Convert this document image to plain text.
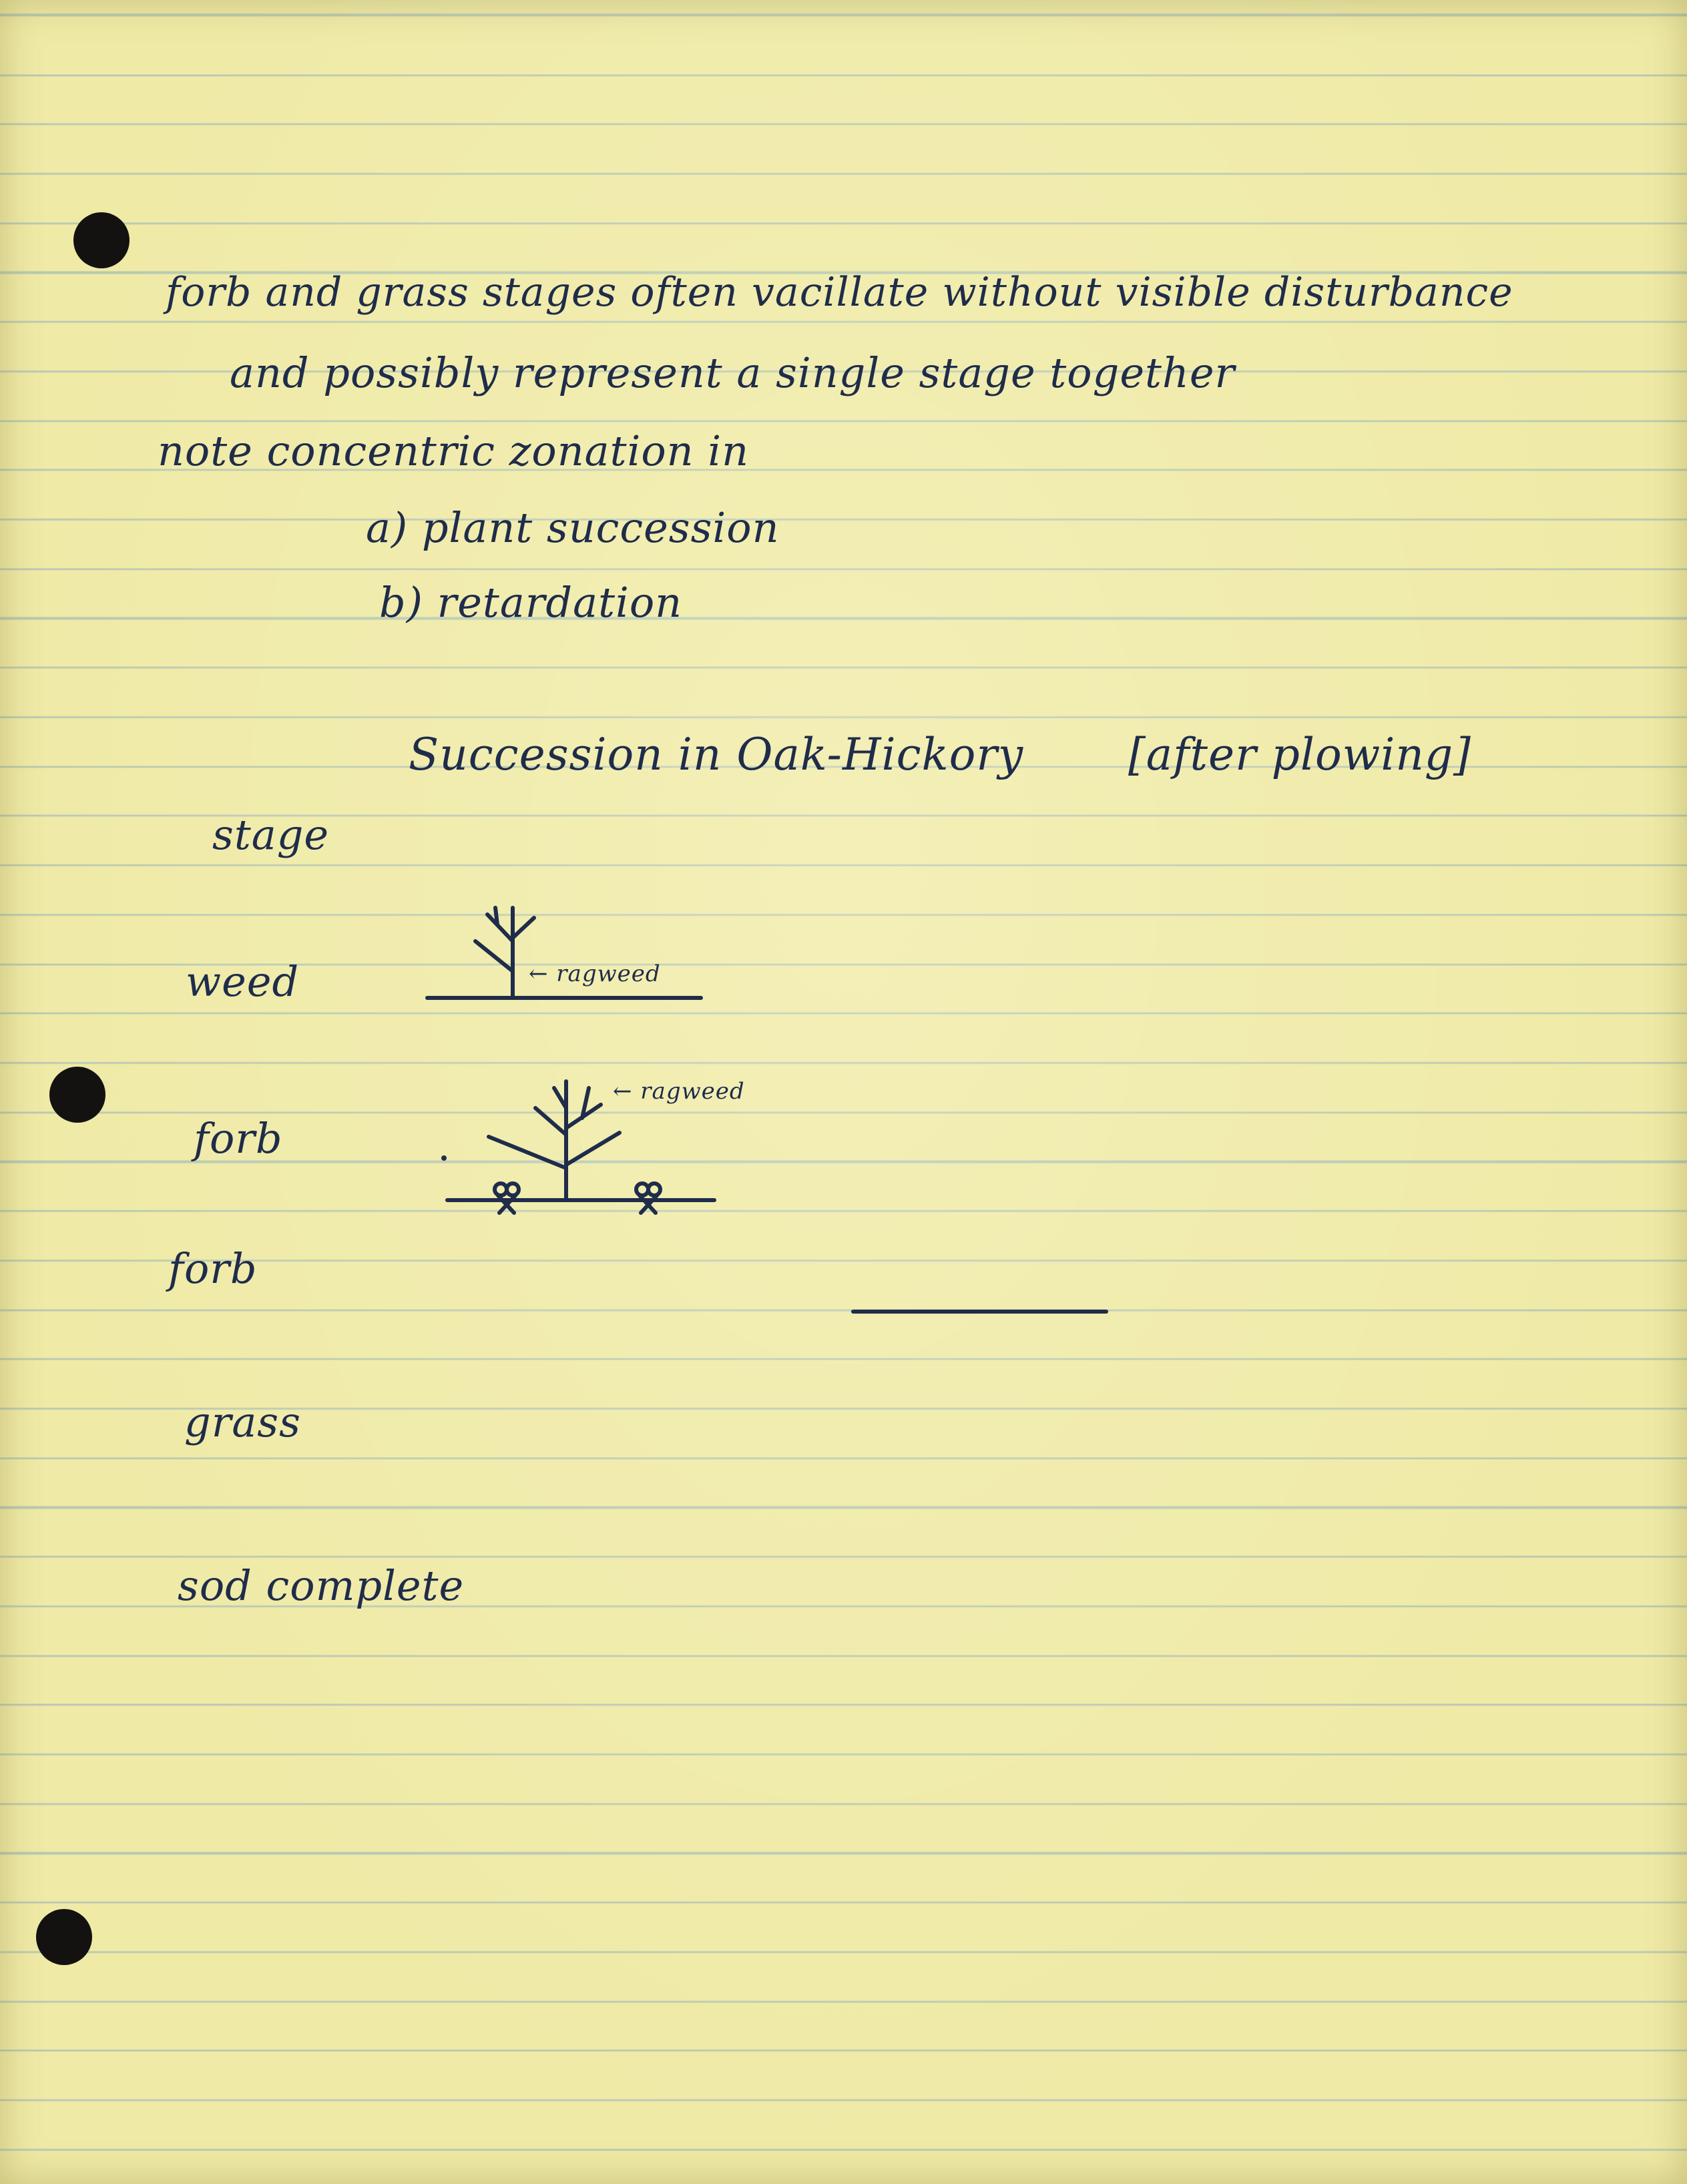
forb and grass stages often vacillate without visible disturbance

and possibly represent a single stage together

note concentric zonation in

a) plant succession

b) retardation

Succession in Oak-Hickory [after plowing]

stage

weed

forb

forb

grass

sod complete

← ragweed

← ragweed
